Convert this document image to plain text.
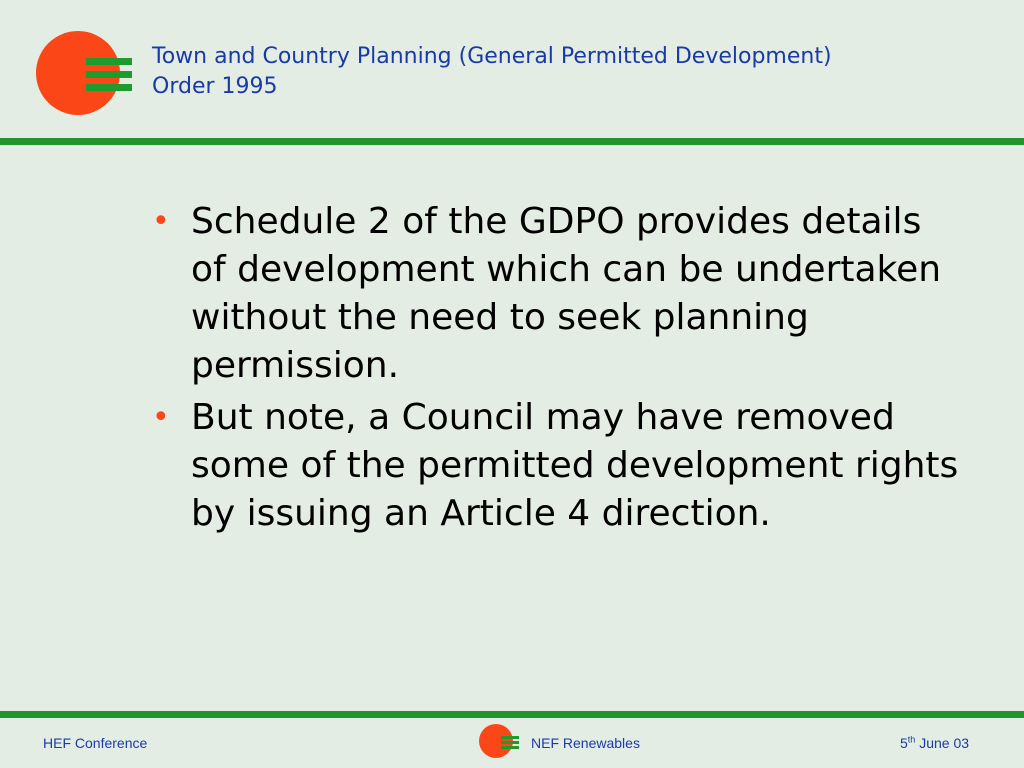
Town and Country Planning (General Permitted Development)
Order 1995
• Schedule 2 of the GDPO provides details of development which can be undertaken without the need to seek planning permission.
• But note, a Council may have removed some of the permitted development rights by issuing an Article 4 direction.
HEF Conference	NEF Renewables	5th June 03
